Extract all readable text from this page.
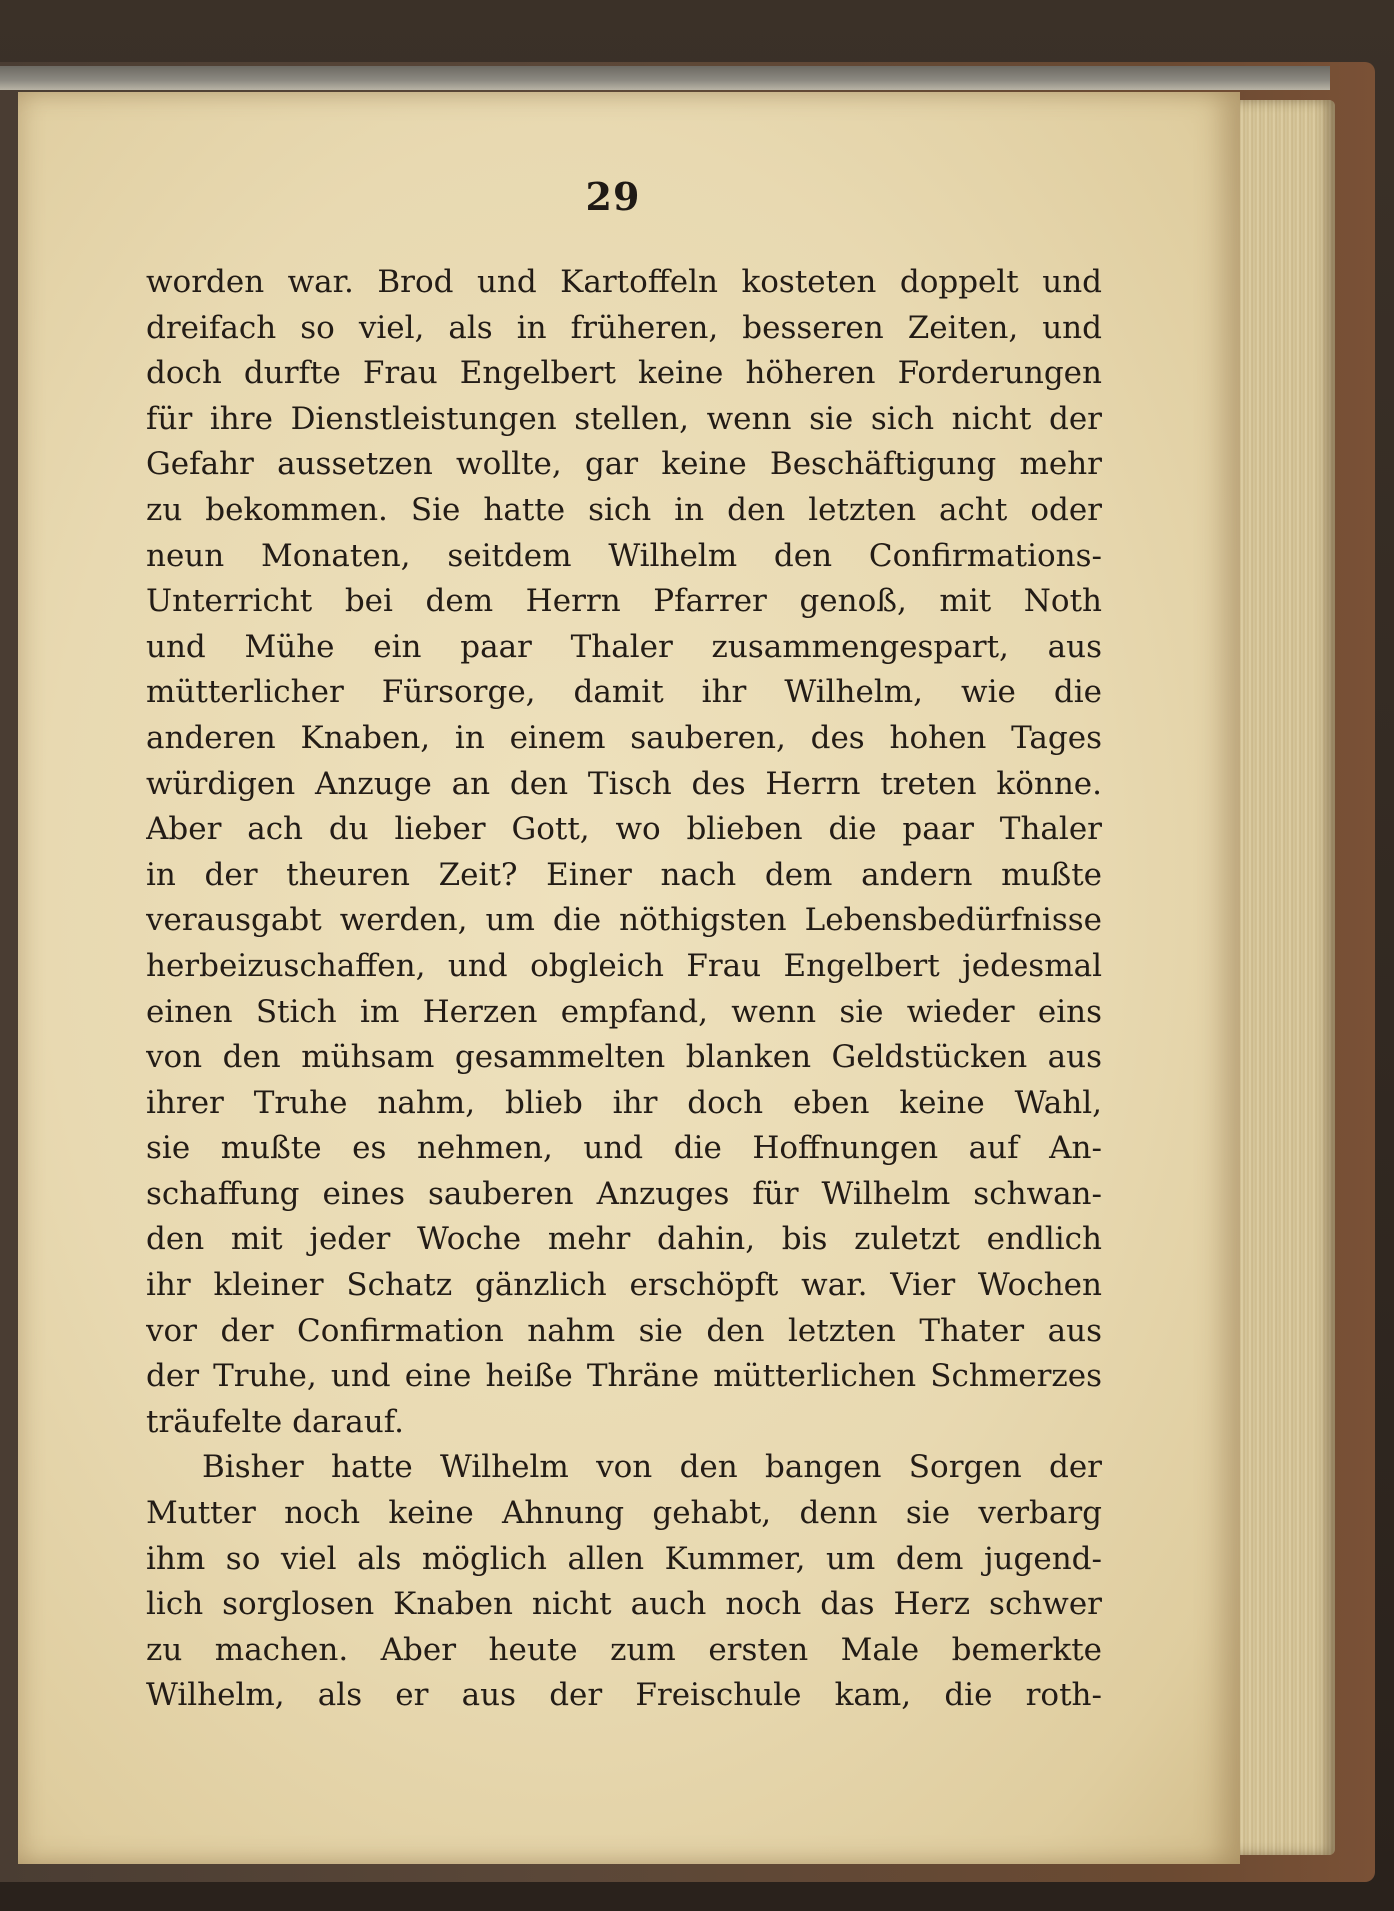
29
worden war. Brod und Kartoffeln kosteten doppelt und
dreifach so viel, als in früheren, besseren Zeiten, und
doch durfte Frau Engelbert keine höheren Forderungen
für ihre Dienstleistungen stellen, wenn sie sich nicht der
Gefahr aussetzen wollte, gar keine Beschäftigung mehr
zu bekommen. Sie hatte sich in den letzten acht oder
neun Monaten, seitdem Wilhelm den Confirmations-
Unterricht bei dem Herrn Pfarrer genoß, mit Noth
und Mühe ein paar Thaler zusammengespart, aus
mütterlicher Fürsorge, damit ihr Wilhelm, wie die
anderen Knaben, in einem sauberen, des hohen Tages
würdigen Anzuge an den Tisch des Herrn treten könne.
Aber ach du lieber Gott, wo blieben die paar Thaler
in der theuren Zeit? Einer nach dem andern mußte
verausgabt werden, um die nöthigsten Lebensbedürfnisse
herbeizuschaffen, und obgleich Frau Engelbert jedesmal
einen Stich im Herzen empfand, wenn sie wieder eins
von den mühsam gesammelten blanken Geldstücken aus
ihrer Truhe nahm, blieb ihr doch eben keine Wahl,
sie mußte es nehmen, und die Hoffnungen auf An-
schaffung eines sauberen Anzuges für Wilhelm schwan-
den mit jeder Woche mehr dahin, bis zuletzt endlich
ihr kleiner Schatz gänzlich erschöpft war. Vier Wochen
vor der Confirmation nahm sie den letzten Thater aus
der Truhe, und eine heiße Thräne mütterlichen Schmerzes
träufelte darauf.
Bisher hatte Wilhelm von den bangen Sorgen der
Mutter noch keine Ahnung gehabt, denn sie verbarg
ihm so viel als möglich allen Kummer, um dem jugend-
lich sorglosen Knaben nicht auch noch das Herz schwer
zu machen. Aber heute zum ersten Male bemerkte
Wilhelm, als er aus der Freischule kam, die roth-
